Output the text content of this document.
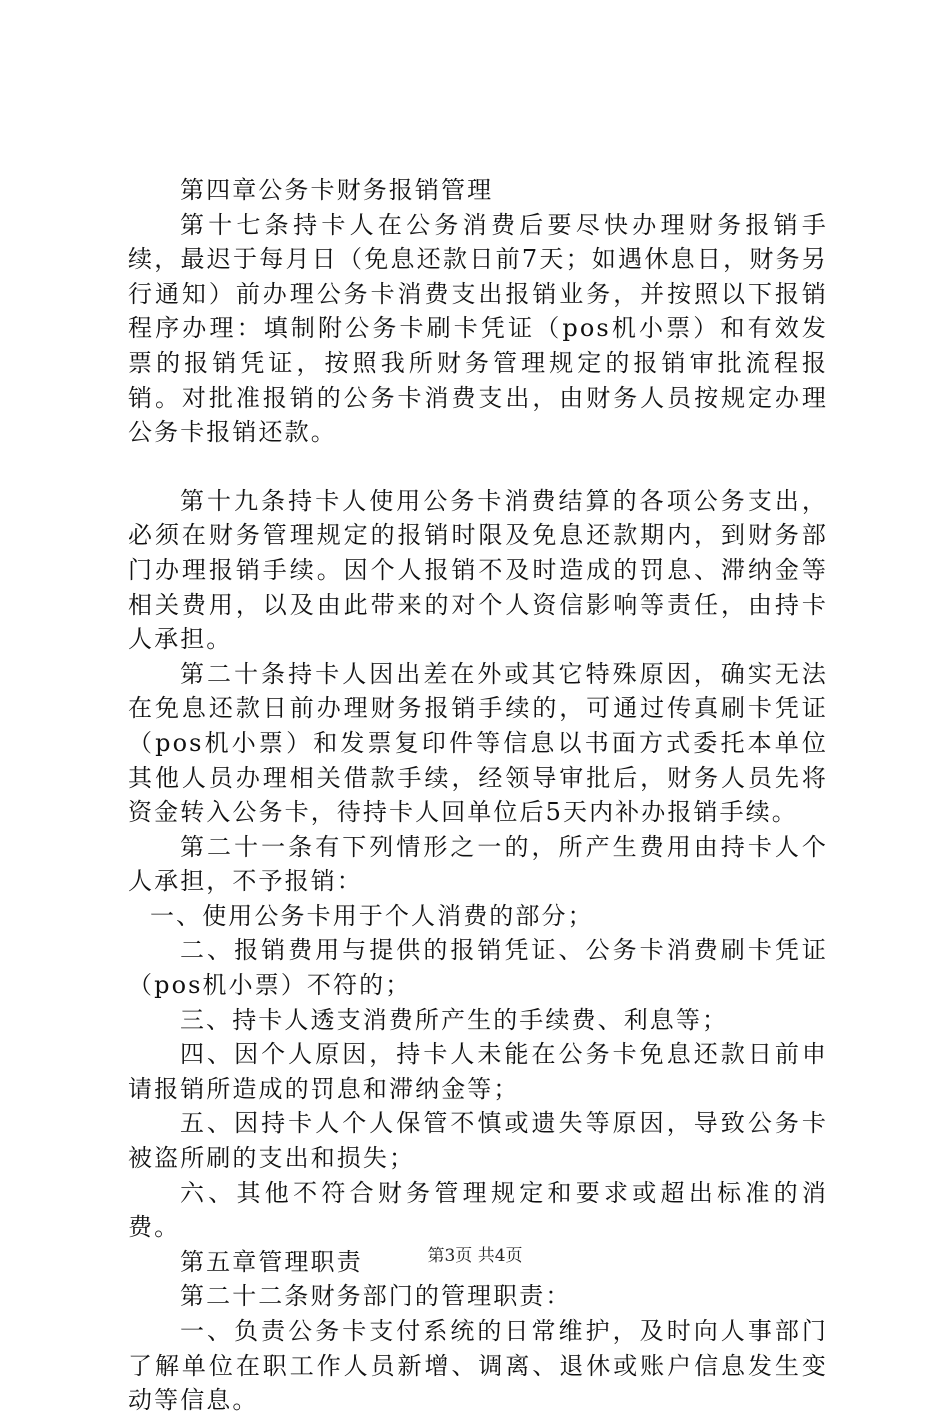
第四章公务卡财务报销管理

第十七条持卡人在公务消费后要尽快办理财务报销手续，最迟于每月日（免息还款日前7天；如遇休息日，财务另行通知）前办理公务卡消费支出报销业务，并按照以下报销程序办理：填制附公务卡刷卡凭证（pos机小票）和有效发票的报销凭证，按照我所财务管理规定的报销审批流程报销。对批准报销的公务卡消费支出，由财务人员按规定办理公务卡报销还款。

第十九条持卡人使用公务卡消费结算的各项公务支出，必须在财务管理规定的报销时限及免息还款期内，到财务部门办理报销手续。因个人报销不及时造成的罚息、滞纳金等相关费用，以及由此带来的对个人资信影响等责任，由持卡人承担。

第二十条持卡人因出差在外或其它特殊原因，确实无法在免息还款日前办理财务报销手续的，可通过传真刷卡凭证（pos机小票）和发票复印件等信息以书面方式委托本单位其他人员办理相关借款手续，经领导审批后，财务人员先将资金转入公务卡，待持卡人回单位后5天内补办报销手续。

第二十一条有下列情形之一的，所产生费用由持卡人个人承担，不予报销：

一、使用公务卡用于个人消费的部分；

二、报销费用与提供的报销凭证、公务卡消费刷卡凭证（pos机小票）不符的；

三、持卡人透支消费所产生的手续费、利息等；

四、因个人原因，持卡人未能在公务卡免息还款日前申请报销所造成的罚息和滞纳金等；

五、因持卡人个人保管不慎或遗失等原因，导致公务卡被盗所刷的支出和损失；

六、其他不符合财务管理规定和要求或超出标准的消费。

第五章管理职责

第二十二条财务部门的管理职责：

一、负责公务卡支付系统的日常维护，及时向人事部门了解单位在职工作人员新增、调离、退休或账户信息发生变动等信息。

第3页 共4页
